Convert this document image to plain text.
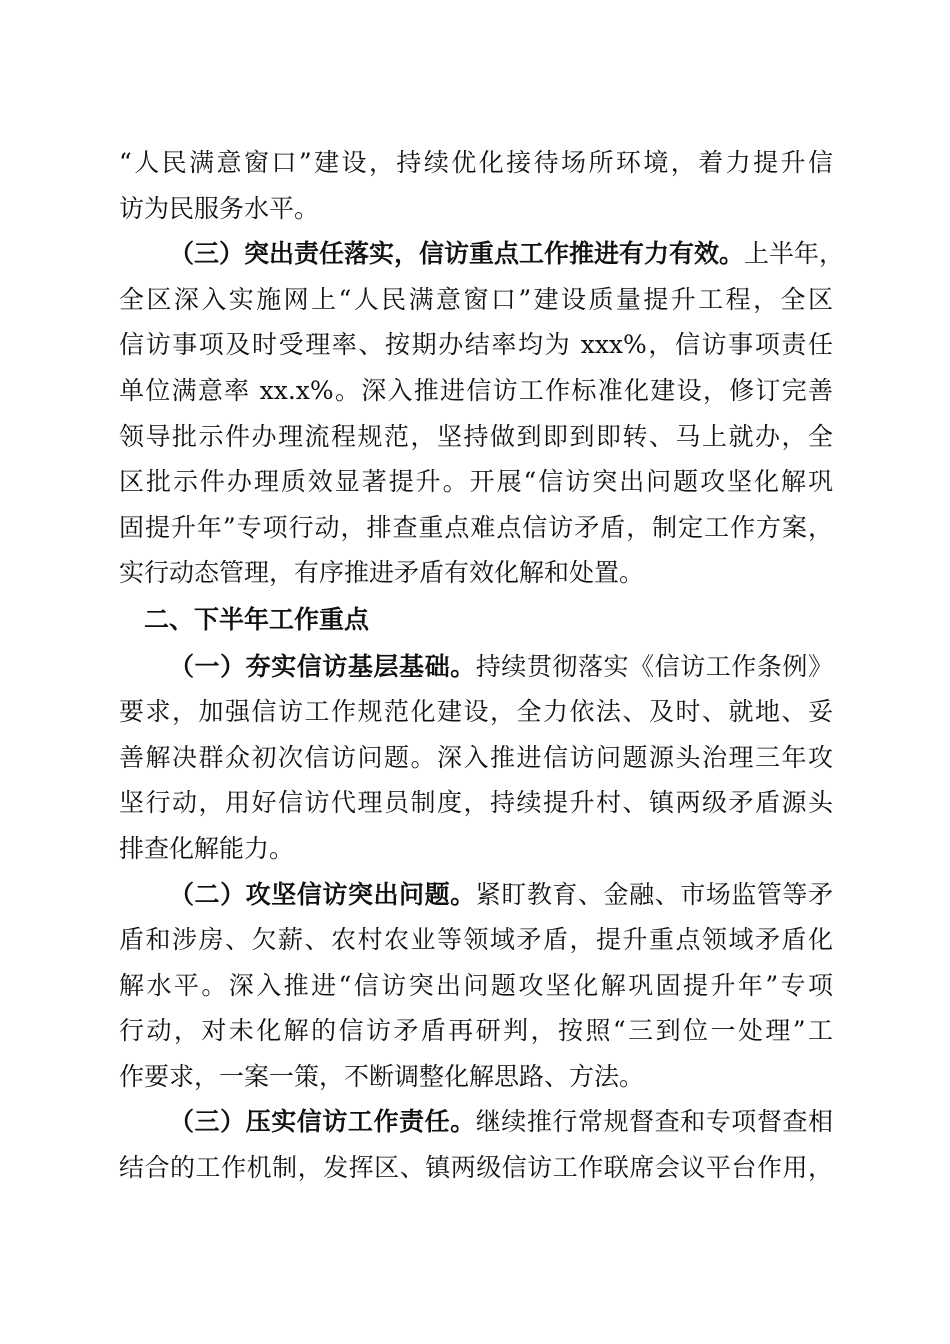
“人民满意窗口”建设，持续优化接待场所环境，着力提升信
访为民服务水平。
（三）突出责任落实，信访重点工作推进有力有效。上半年，
全区深入实施网上“人民满意窗口”建设质量提升工程，全区
信访事项及时受理率、按期办结率均为 xxx%，信访事项责任
单位满意率 xx.x%。深入推进信访工作标准化建设，修订完善
领导批示件办理流程规范，坚持做到即到即转、马上就办，全
区批示件办理质效显著提升。开展“信访突出问题攻坚化解巩
固提升年”专项行动，排查重点难点信访矛盾，制定工作方案，
实行动态管理，有序推进矛盾有效化解和处置。
二、下半年工作重点
（一）夯实信访基层基础。持续贯彻落实《信访工作条例》
要求，加强信访工作规范化建设，全力依法、及时、就地、妥
善解决群众初次信访问题。深入推进信访问题源头治理三年攻
坚行动，用好信访代理员制度，持续提升村、镇两级矛盾源头
排查化解能力。
（二）攻坚信访突出问题。紧盯教育、金融、市场监管等矛
盾和涉房、欠薪、农村农业等领域矛盾，提升重点领域矛盾化
解水平。深入推进“信访突出问题攻坚化解巩固提升年”专项
行动，对未化解的信访矛盾再研判，按照“三到位一处理”工
作要求，一案一策，不断调整化解思路、方法。
（三）压实信访工作责任。继续推行常规督查和专项督查相
结合的工作机制，发挥区、镇两级信访工作联席会议平台作用，
